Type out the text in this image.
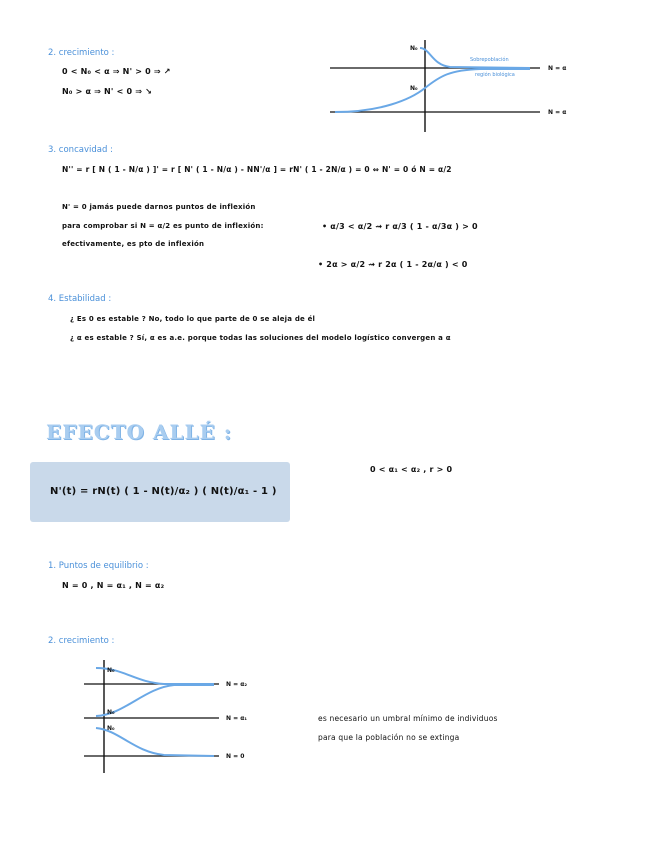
2. crecimiento :
0 < N₀ < α ⇒ N' > 0 ⇒ ↗
N₀ > α ⇒ N' < 0 ⇒ ↘
N₀
N₀
Sobrepoblación
región biológica
N = α
N = α
3. concavidad :
N'' = r [ N ( 1 - N/α ) ]' = r [ N' ( 1 - N/α ) - NN'/α ] = rN' ( 1 - 2N/α ) = 0 ⇔ N' = 0 ó N = α/2
N' = 0 jamás puede darnos puntos de inflexión
para comprobar si N = α/2 es punto de inflexión:
efectivamente, es pto de inflexión
• α/3 < α/2 ⇝ r α/3 ( 1 - α/3α ) > 0
• 2α > α/2 ⇝ r 2α ( 1 - 2α/α ) < 0
4. Estabilidad :
¿ Es 0 es estable ? No, todo lo que parte de 0 se aleja de él
¿ α es estable ? Sí, α es a.e. porque todas las soluciones del modelo logístico convergen a α
EFECTO ALLÉ :
N'(t) = rN(t) ( 1 - N(t)/α₂ ) ( N(t)/α₁ - 1 )
0 < α₁ < α₂ , r > 0
1. Puntos de equilibrio :
N = 0 , N = α₁ , N = α₂
2. crecimiento :
N₀
N₀
N₀
N = α₂
N = α₁
N = 0
es necesario un umbral mínimo de individuos
para que la población no se extinga
